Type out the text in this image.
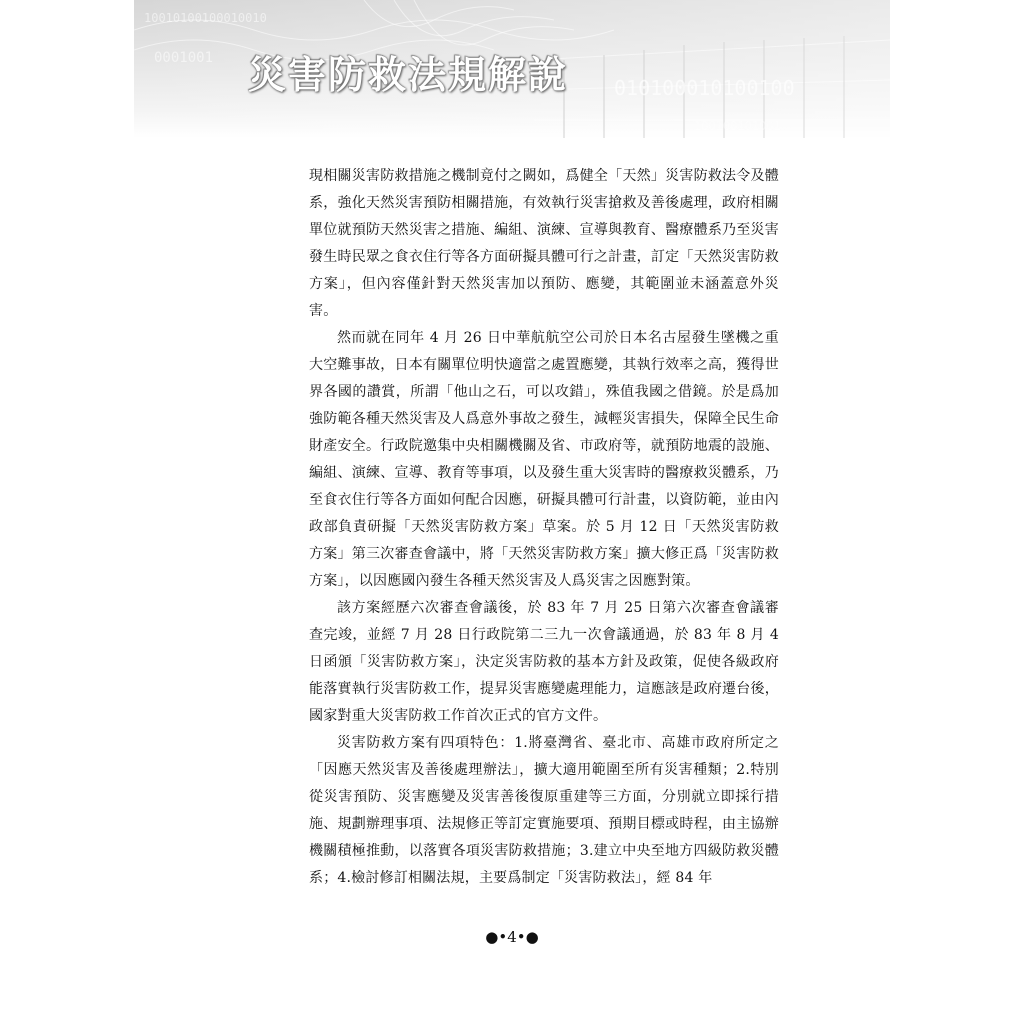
災害防救法規解說

現相關災害防救措施之機制竟付之闕如，爲健全「天然」災害防救法令及體系，強化天然災害預防相關措施，有效執行災害搶救及善後處理，政府相關單位就預防天然災害之措施、編組、演練、宣導與教育、醫療體系乃至災害發生時民眾之食衣住行等各方面研擬具體可行之計畫，訂定「天然災害防救方案」，但內容僅針對天然災害加以預防、應變，其範圍並未涵蓋意外災害。

然而就在同年 4 月 26 日中華航航空公司於日本名古屋發生墜機之重大空難事故，日本有關單位明快適當之處置應變，其執行效率之高，獲得世界各國的讚賞，所謂「他山之石，可以攻錯」，殊值我國之借鏡。於是爲加強防範各種天然災害及人爲意外事故之發生，減輕災害損失，保障全民生命財產安全。行政院邀集中央相關機關及省、市政府等，就預防地震的設施、編組、演練、宣導、教育等事項，以及發生重大災害時的醫療救災體系，乃至食衣住行等各方面如何配合因應，研擬具體可行計畫，以資防範，並由內政部負責研擬「天然災害防救方案」草案。於 5 月 12 日「天然災害防救方案」第三次審查會議中，將「天然災害防救方案」擴大修正爲「災害防救方案」，以因應國內發生各種天然災害及人爲災害之因應對策。

該方案經歷六次審查會議後，於 83 年 7 月 25 日第六次審查會議審查完竣，並經 7 月 28 日行政院第二三九一次會議通過，於 83 年 8 月 4 日函頒「災害防救方案」，決定災害防救的基本方針及政策，促使各級政府能落實執行災害防救工作，提昇災害應變處理能力，這應該是政府遷台後，國家對重大災害防救工作首次正式的官方文件。

災害防救方案有四項特色：1.將臺灣省、臺北市、高雄市政府所定之「因應天然災害及善後處理辦法」，擴大適用範圍至所有災害種類；2.特別從災害預防、災害應變及災害善後復原重建等三方面，分別就立即採行措施、規劃辦理事項、法規修正等訂定實施要項、預期目標或時程，由主協辦機關積極推動，以落實各項災害防救措施；3.建立中央至地方四級防救災體系；4.檢討修訂相關法規，主要爲制定「災害防救法」，經 84 年

●•4•●
